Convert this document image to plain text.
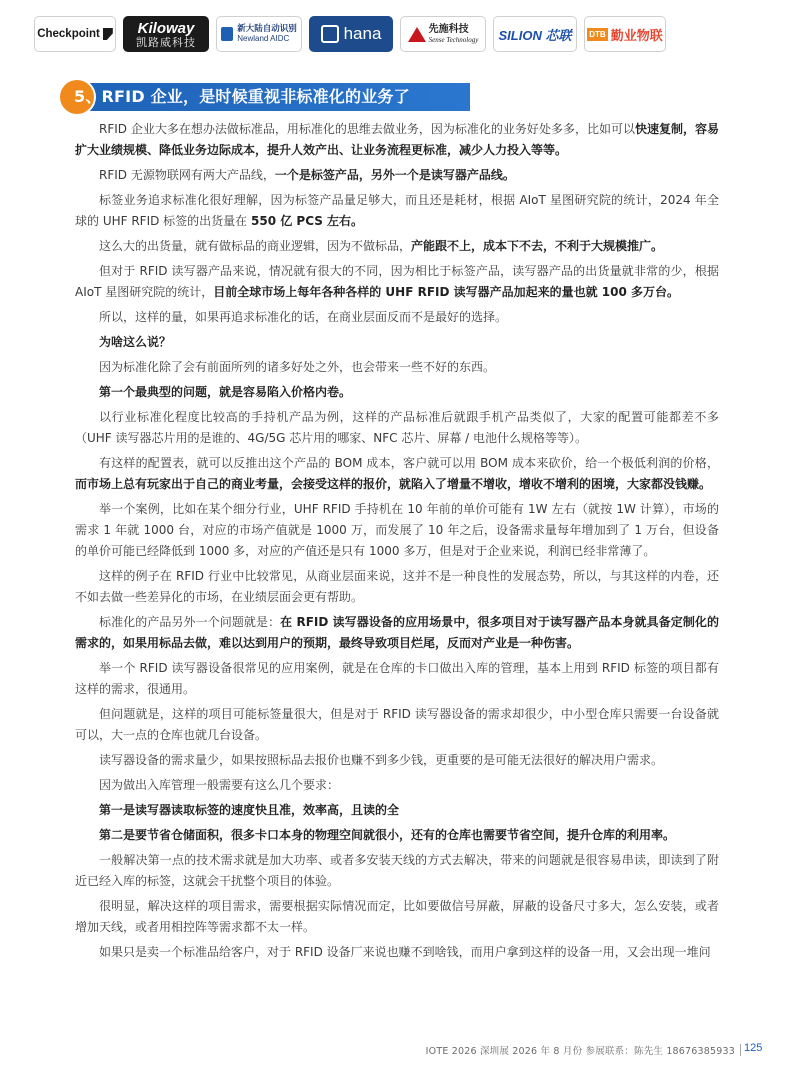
Checkpoint	Kiloway
凯路威科技
新大陆自动识别
Newland AIDC	hana	先施科技
Sense Technology SILION 芯联 DTB 勤业物联
5、RFID 企业，是时候重视非标准化的业务了

RFID 企业大多在想办法做标准品，用标准化的思维去做业务，因为标准化的业务好处多多，比如可以快速复制，容易扩大业绩规模、降低业务边际成本，提升人效产出、让业务流程更标准，减少人力投入等等。

RFID 无源物联网有两大产品线，一个是标签产品，另外一个是读写器产品线。

标签业务追求标准化很好理解，因为标签产品量足够大，而且还是耗材，根据 AIoT 星图研究院的统计，2024 年全球的 UHF RFID 标签的出货量在 550 亿 PCS 左右。

这么大的出货量，就有做标品的商业逻辑，因为不做标品，产能跟不上，成本下不去，不利于大规模推广。

但对于 RFID 读写器产品来说，情况就有很大的不同，因为相比于标签产品，读写器产品的出货量就非常的少，根据 AIoT 星图研究院的统计，目前全球市场上每年各种各样的 UHF RFID 读写器产品加起来的量也就 100 多万台。

所以，这样的量，如果再追求标准化的话，在商业层面反而不是最好的选择。

为啥这么说？

因为标准化除了会有前面所列的诸多好处之外，也会带来一些不好的东西。

第一个最典型的问题，就是容易陷入价格内卷。

以行业标准化程度比较高的手持机产品为例，这样的产品标准后就跟手机产品类似了，大家的配置可能都差不多（UHF 读写器芯片用的是谁的、4G/5G 芯片用的哪家、NFC 芯片、屏幕 / 电池什么规格等等）。

有这样的配置表，就可以反推出这个产品的 BOM 成本，客户就可以用 BOM 成本来砍价，给一个极低利润的价格，而市场上总有玩家出于自己的商业考量，会接受这样的报价，就陷入了增量不增收，增收不增利的困境，大家都没钱赚。

举一个案例，比如在某个细分行业，UHF RFID 手持机在 10 年前的单价可能有 1W 左右（就按 1W 计算），市场的需求 1 年就 1000 台，对应的市场产值就是 1000 万，而发展了 10 年之后，设备需求量每年增加到了 1 万台，但设备的单价可能已经降低到 1000 多，对应的产值还是只有 1000 多万，但是对于企业来说，利润已经非常薄了。

这样的例子在 RFID 行业中比较常见，从商业层面来说，这并不是一种良性的发展态势，所以，与其这样的内卷，还不如去做一些差异化的市场，在业绩层面会更有帮助。

标准化的产品另外一个问题就是：在 RFID 读写器设备的应用场景中，很多项目对于读写器产品本身就具备定制化的需求的，如果用标品去做，难以达到用户的预期，最终导致项目烂尾，反而对产业是一种伤害。

举一个 RFID 读写器设备很常见的应用案例，就是在仓库的卡口做出入库的管理，基本上用到 RFID 标签的项目都有这样的需求，很通用。

但问题就是，这样的项目可能标签量很大，但是对于 RFID 读写器设备的需求却很少，中小型仓库只需要一台设备就可以，大一点的仓库也就几台设备。

读写器设备的需求量少，如果按照标品去报价也赚不到多少钱，更重要的是可能无法很好的解决用户需求。

因为做出入库管理一般需要有这么几个要求：

第一是读写器读取标签的速度快且准，效率高，且读的全

第二是要节省仓储面积，很多卡口本身的物理空间就很小，还有的仓库也需要节省空间，提升仓库的利用率。

一般解决第一点的技术需求就是加大功率、或者多安装天线的方式去解决，带来的问题就是很容易串读，即读到了附近已经入库的标签，这就会干扰整个项目的体验。

很明显，解决这样的项目需求，需要根据实际情况而定，比如要做信号屏蔽，屏蔽的设备尺寸多大，怎么安装，或者增加天线，或者用相控阵等需求都不太一样。

如果只是卖一个标准品给客户，对于 RFID 设备厂来说也赚不到啥钱，而用户拿到这样的设备一用，又会出现一堆问

IOTE 2026 深圳展 2026 年 8 月份 参展联系：陈先生 18676385933 125
